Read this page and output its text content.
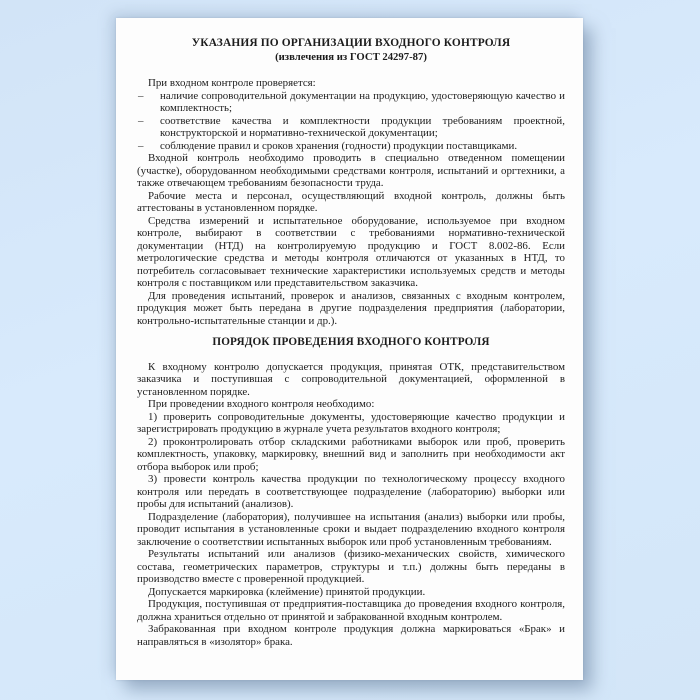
УКАЗАНИЯ ПО ОРГАНИЗАЦИИ ВХОДНОГО КОНТРОЛЯ
(извлечения из ГОСТ 24297-87)
При входном контроле проверяется:
– наличие сопроводительной документации на продукцию, удостоверяющую качество и комплектность;
– соответствие качества и комплектности продукции требованиям проектной, конструкторской и нормативно-технической документации;
– соблюдение правил и сроков хранения (годности) продукции поставщиками.
Входной контроль необходимо проводить в специально отведенном помещении (участке), оборудованном необходимыми средствами контроля, испытаний и оргтехники, а также отвечающем требованиям безопасности труда.
Рабочие места и персонал, осуществляющий входной контроль, должны быть аттестованы в установленном порядке.
Средства измерений и испытательное оборудование, используемое при входном контроле, выбирают в соответствии с требованиями нормативно-технической документации (НТД) на контролируемую продукцию и ГОСТ 8.002-86. Если метрологические средства и методы контроля отличаются от указанных в НТД, то потребитель согласовывает технические характеристики используемых средств и методы контроля с поставщиком или представительством заказчика.
Для проведения испытаний, проверок и анализов, связанных с входным контролем, продукция может быть передана в другие подразделения предприятия (лаборатории, контрольно-испытательные станции и др.).
ПОРЯДОК ПРОВЕДЕНИЯ ВХОДНОГО КОНТРОЛЯ
К входному контролю допускается продукция, принятая ОТК, представительством заказчика и поступившая с сопроводительной документацией, оформленной в установленном порядке.
При проведении входного контроля необходимо:
1) проверить сопроводительные документы, удостоверяющие качество продукции и зарегистрировать продукцию в журнале учета результатов входного контроля;
2) проконтролировать отбор складскими работниками выборок или проб, проверить комплектность, упаковку, маркировку, внешний вид и заполнить при необходимости акт отбора выборок или проб;
3) провести контроль качества продукции по технологическому процессу входного контроля или передать в соответствующее подразделение (лабораторию) выборки или пробы для испытаний (анализов).
Подразделение (лаборатория), получившее на испытания (анализ) выборки или пробы, проводит испытания в установленные сроки и выдает подразделению входного контроля заключение о соответствии испытанных выборок или проб установленным требованиям.
Результаты испытаний или анализов (физико-механических свойств, химического состава, геометрических параметров, структуры и т.п.) должны быть переданы в производство вместе с проверенной продукцией.
Допускается маркировка (клеймение) принятой продукции.
Продукция, поступившая от предприятия-поставщика до проведения входного контроля, должна храниться отдельно от принятой и забракованной входным контролем.
Забракованная при входном контроле продукция должна маркироваться «Брак» и направляться в «изолятор» брака.
